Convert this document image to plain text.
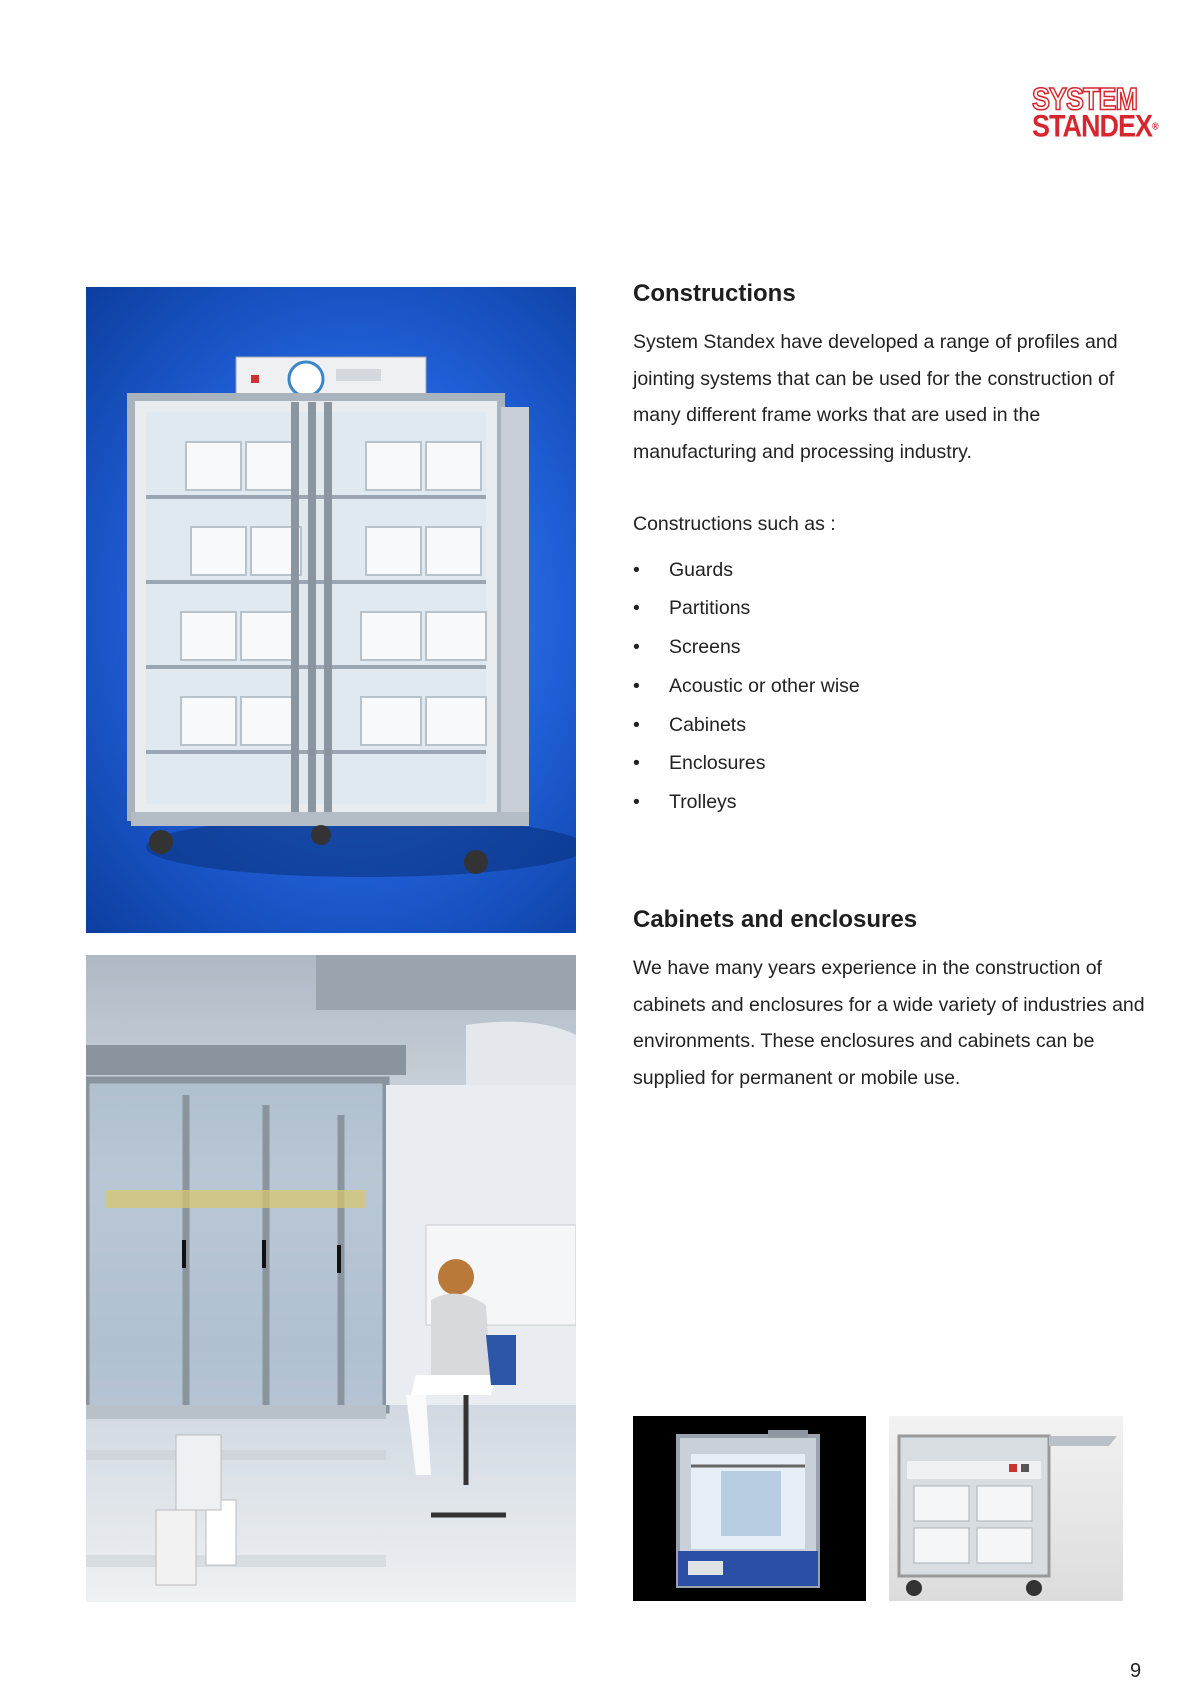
SYSTEM
STANDEX®
Constructions

System Standex have developed a range of profiles and jointing systems that can be used for the construction of many different frame works that are used in the manufacturing and processing industry.

Constructions such as :

• Guards
• Partitions
• Screens
• Acoustic or other wise
• Cabinets
• Enclosures
• Trolleys
Cabinets and enclosures

We have many years experience in the construction of cabinets and enclosures for a wide variety of industries and environments. These enclosures and cabinets can be supplied for permanent or mobile use.

9
